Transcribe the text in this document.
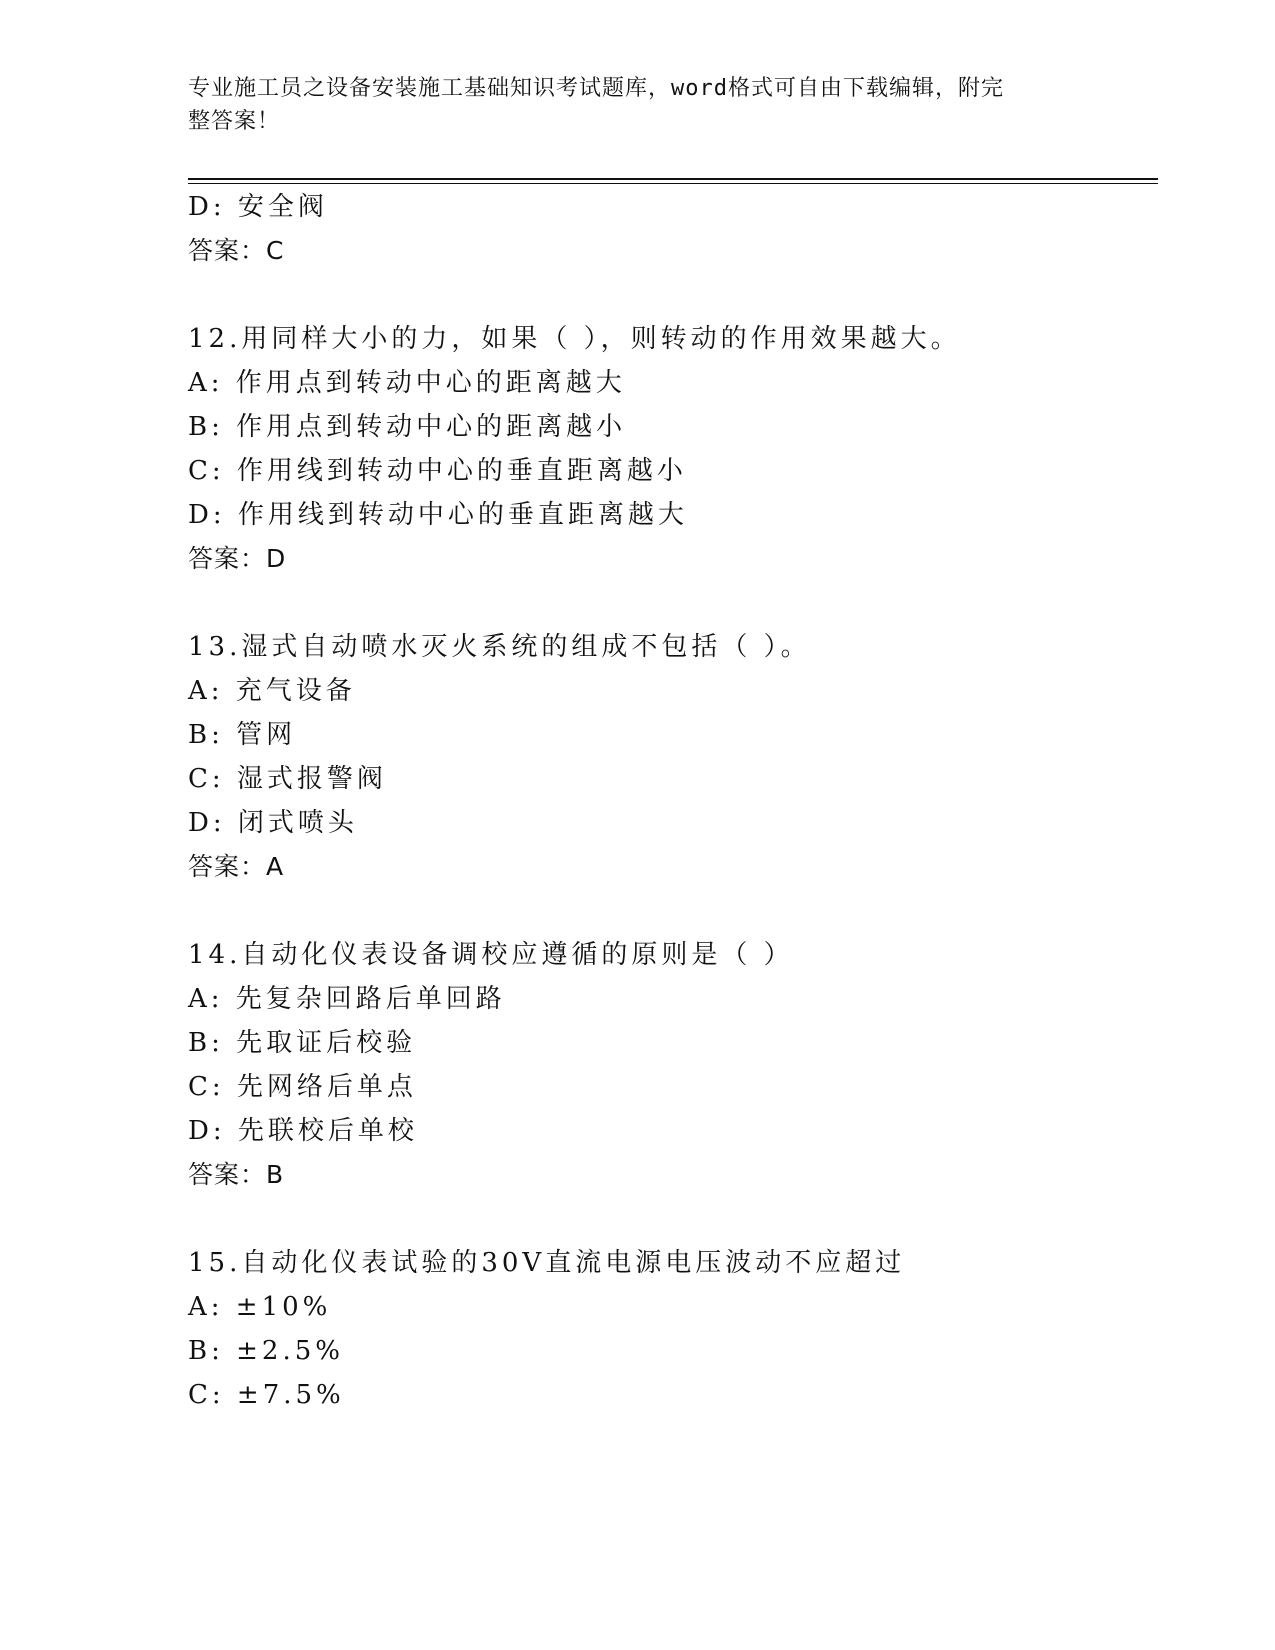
专业施工员之设备安装施工基础知识考试题库，word格式可自由下载编辑，附完
整答案！
D: 安全阀
答案：C
12.用同样大小的力，如果（ ），则转动的作用效果越大。
A: 作用点到转动中心的距离越大
B: 作用点到转动中心的距离越小
C: 作用线到转动中心的垂直距离越小
D: 作用线到转动中心的垂直距离越大
答案：D
13.湿式自动喷水灭火系统的组成不包括（ ）。
A: 充气设备
B: 管网
C: 湿式报警阀
D: 闭式喷头
答案：A
14.自动化仪表设备调校应遵循的原则是（ ）
A: 先复杂回路后单回路
B: 先取证后校验
C: 先网络后单点
D: 先联校后单校
答案：B
15.自动化仪表试验的30V直流电源电压波动不应超过
A: ±10%
B: ±2.5%
C: ±7.5%
